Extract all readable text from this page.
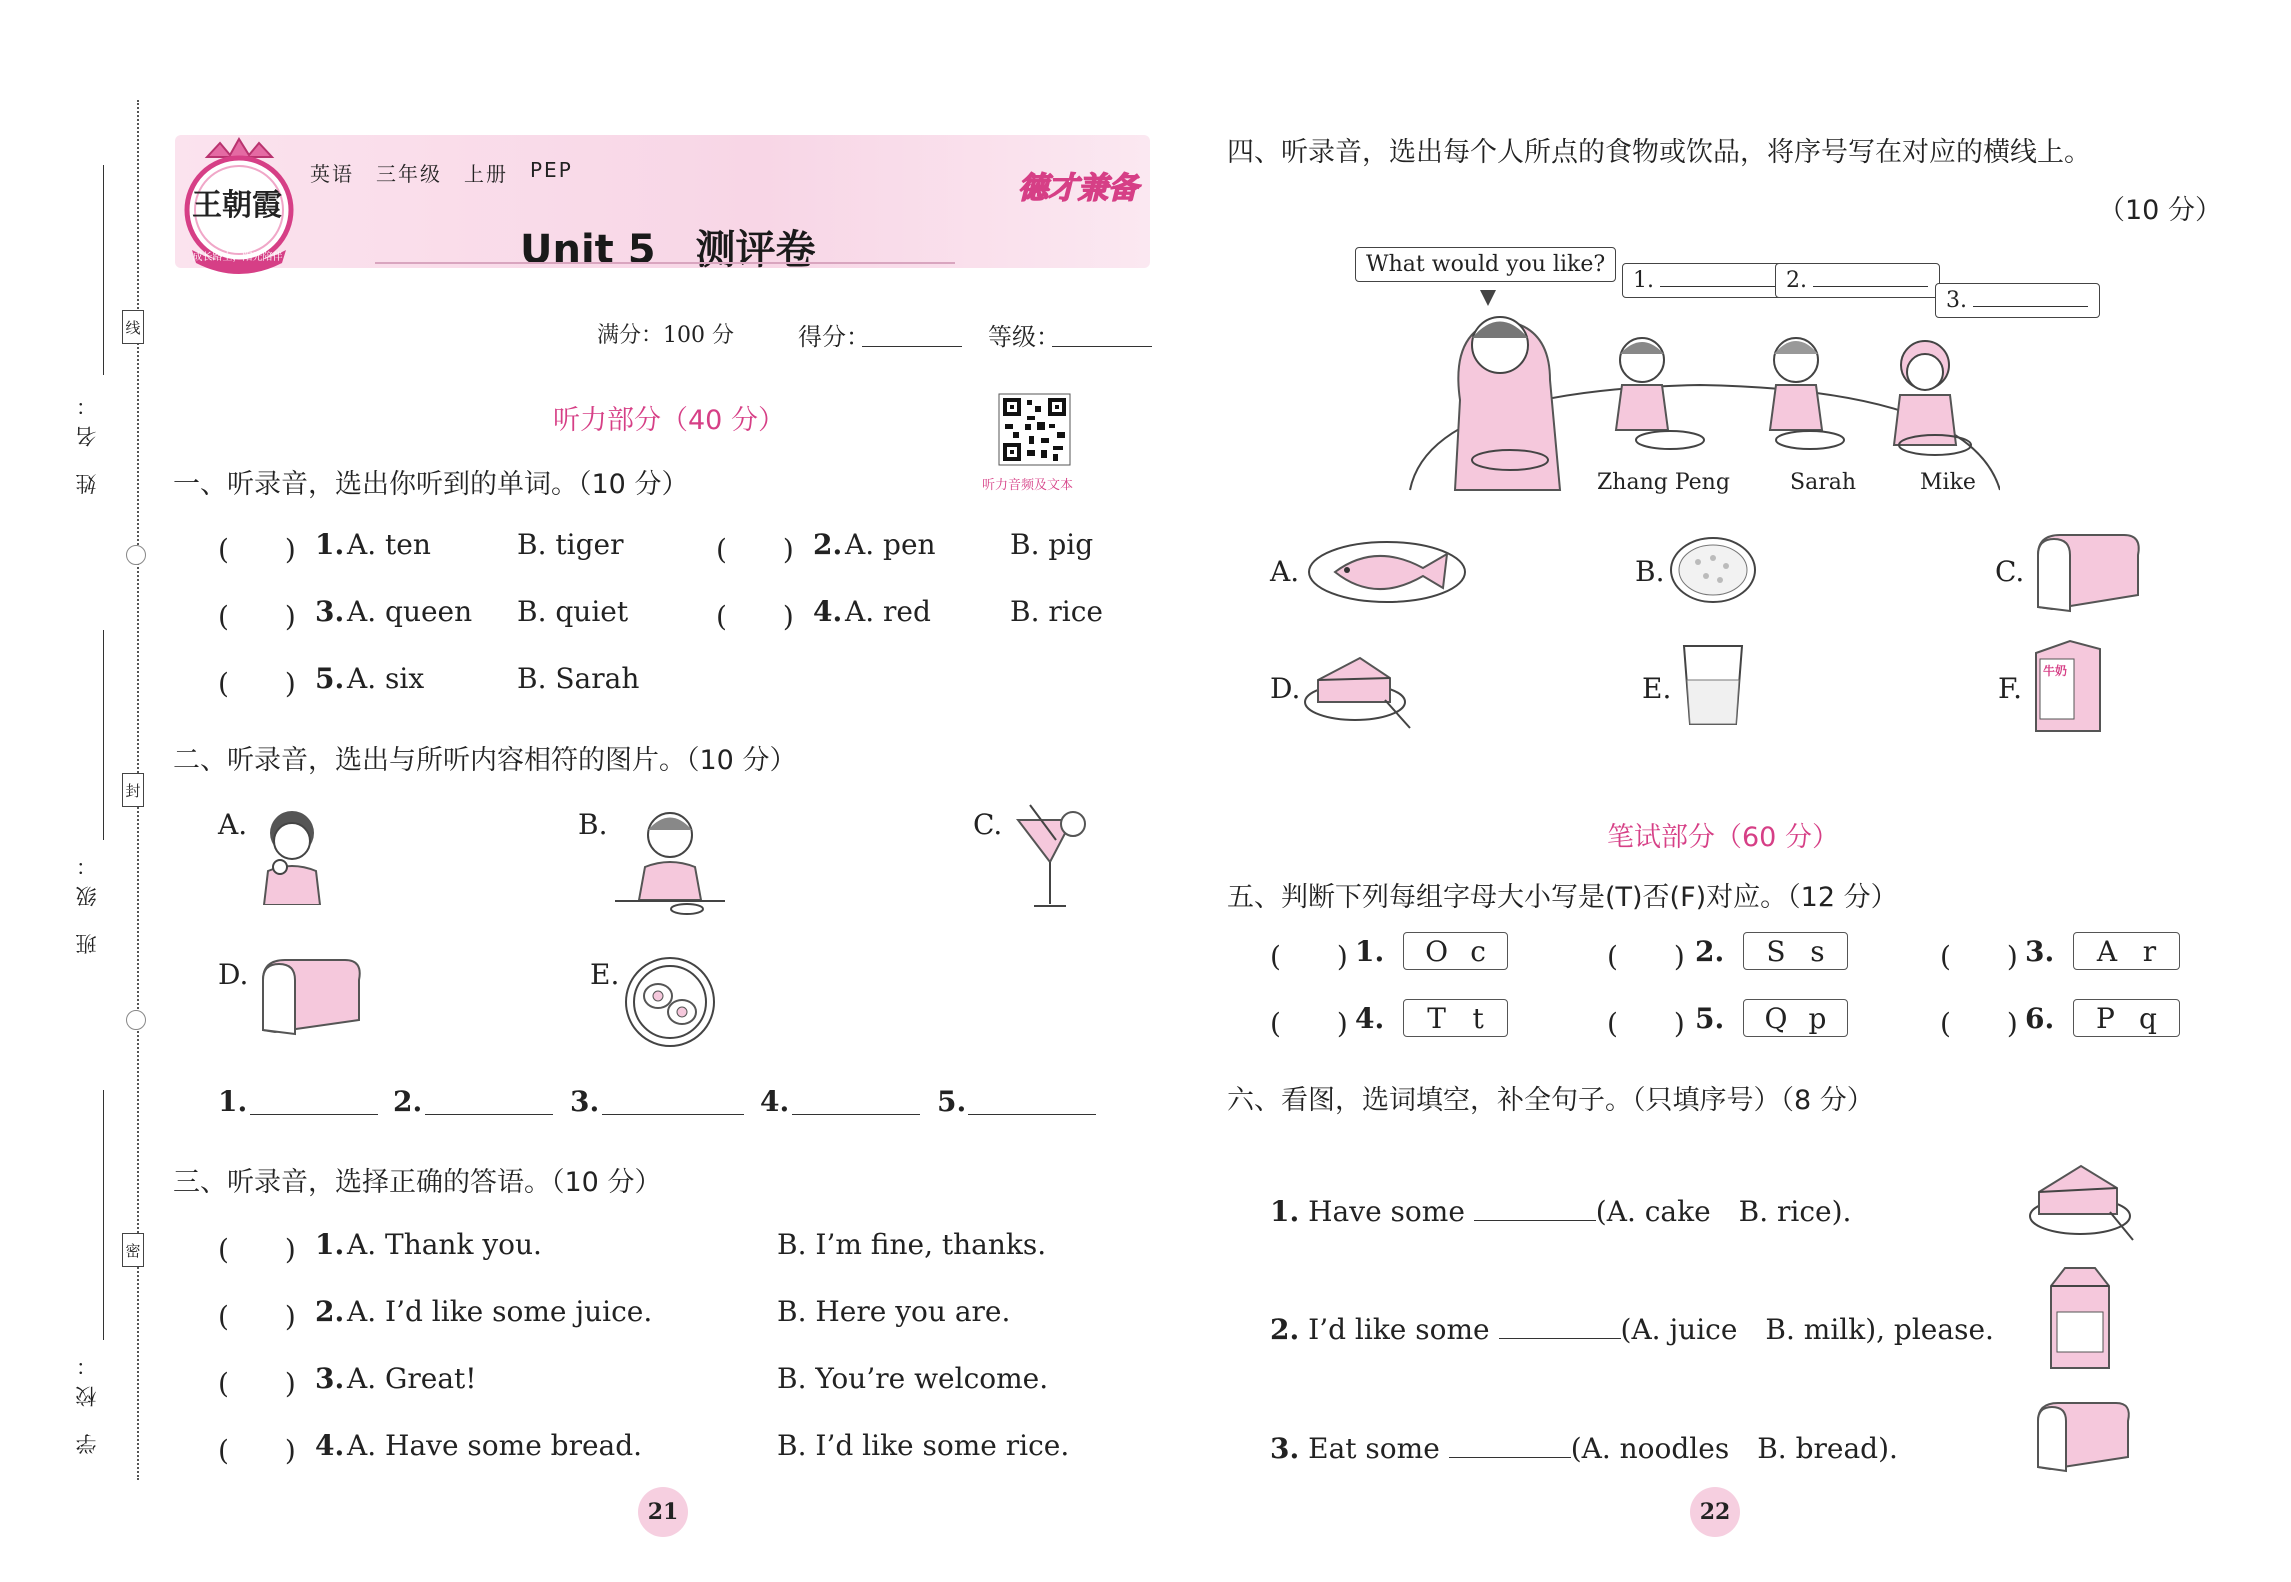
姓 名：
班 级：
学 校：
线
封
密
王朝霞
成长路上，阳光陪伴
英语 三年级 上册 PEP
德才兼备
Unit 5　测评卷
满分：100 分	得分：	等级：
听力部分（40 分）
听力音频及文本
一、听录音，选出你听到的单词。（10 分）
(　　) 1. A. ten	B. tiger	(　　) 2. A. pen	B. pig
(　　) 3. A. queen B. quiet	(　　) 4. A. red	B. rice
(　　) 5. A. six	B. Sarah
二、听录音，选出与所听内容相符的图片。（10 分）
A.	B.	C.
D.	E.
1.	2.	3.	4.	5.
三、听录音，选择正确的答语。（10 分）
(　　) 1. A. Thank you.	B. I’m fine, thanks.
(　　) 2. A. I’d like some juice.	B. Here you are.
(　　) 3. A. Great!	B. You’re welcome.
(　　) 4. A. Have some bread.	B. I’d like some rice.
21
四、听录音，选出每个人所点的食物或饮品，将序号写在对应的横线上。
（10 分）
What would you like?
1.	2.
3.
Zhang Peng	Sarah	Mike
A.	B.	C.
D.	E.	F.
牛奶
笔试部分（60 分）
五、判断下列每组字母大小写是(T)否(F)对应。（12 分）
(　　) 1. O c	(　　) 2. S s	(　　) 3. A r
(　　) 4. T t	(　　) 5. Q p	(　　) 6. P q
六、看图，选词填空，补全句子。（只填序号）（8 分）
1. Have some	(A. cake　B. rice).
2. I’d like some	(A. juice　B. milk), please.
3. Eat some	(A. noodles　B. bread).
22
